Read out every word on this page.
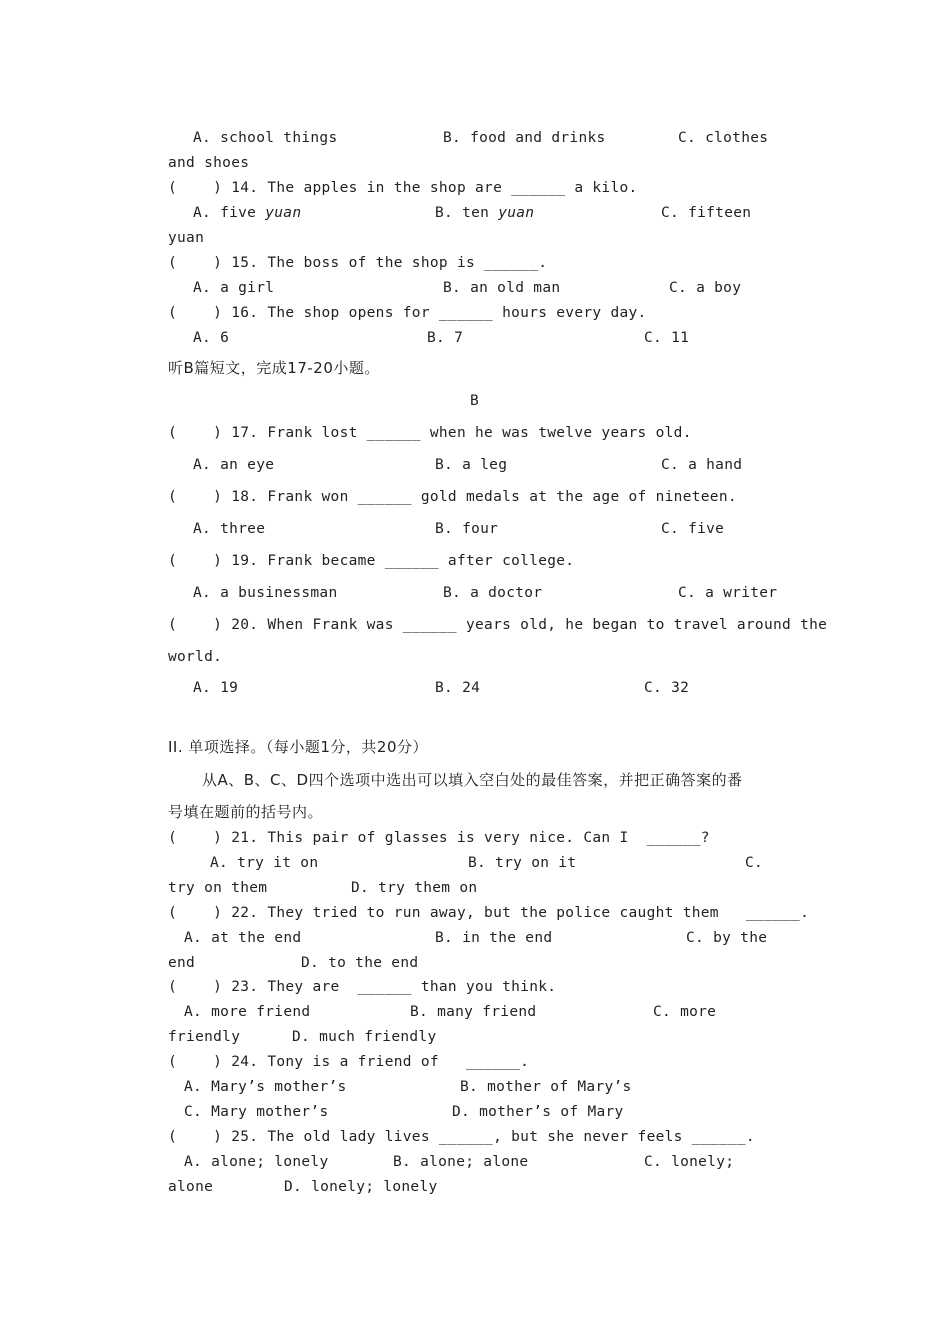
A. school things	B. food and drinks	C. clothes
and shoes
(    ) 14. The apples in the shop are ______ a kilo.
A. five yuan	B. ten yuan	C. fifteen
yuan
(    ) 15. The boss of the shop is ______.
A. a girl	B. an old man	C. a boy
(    ) 16. The shop opens for ______ hours every day.
A. 6	B. 7	C. 11
听B篇短文，完成17-20小题。
B
(    ) 17. Frank lost ______ when he was twelve years old.
A. an eye	B. a leg	C. a hand
(    ) 18. Frank won ______ gold medals at the age of nineteen.
A. three	B. four	C. five
(    ) 19. Frank became ______ after college.
A. a businessman	B. a doctor	C. a writer
(    ) 20. When Frank was ______ years old, he began to travel around the
world.
A. 19	B. 24	C. 32
II. 单项选择。（每小题1分，共20分）
从A、B、C、D四个选项中选出可以填入空白处的最佳答案，并把正确答案的番
号填在题前的括号内。
(    ) 21. This pair of glasses is very nice. Can I  ______?
A. try it on	B. try on it	C.
try on them	D. try them on
(    ) 22. They tried to run away, but the police caught them   ______.
A. at the end	B. in the end	C. by the
end	D. to the end
(    ) 23. They are  ______ than you think.
A. more friend	B. many friend	C. more
friendly	D. much friendly
(    ) 24. Tony is a friend of   ______.
A. Mary’s mother’s	B. mother of Mary’s
C. Mary mother’s	D. mother’s of Mary
(    ) 25. The old lady lives ______, but she never feels ______.
A. alone; lonely	B. alone; alone	C. lonely;
alone	D. lonely; lonely
